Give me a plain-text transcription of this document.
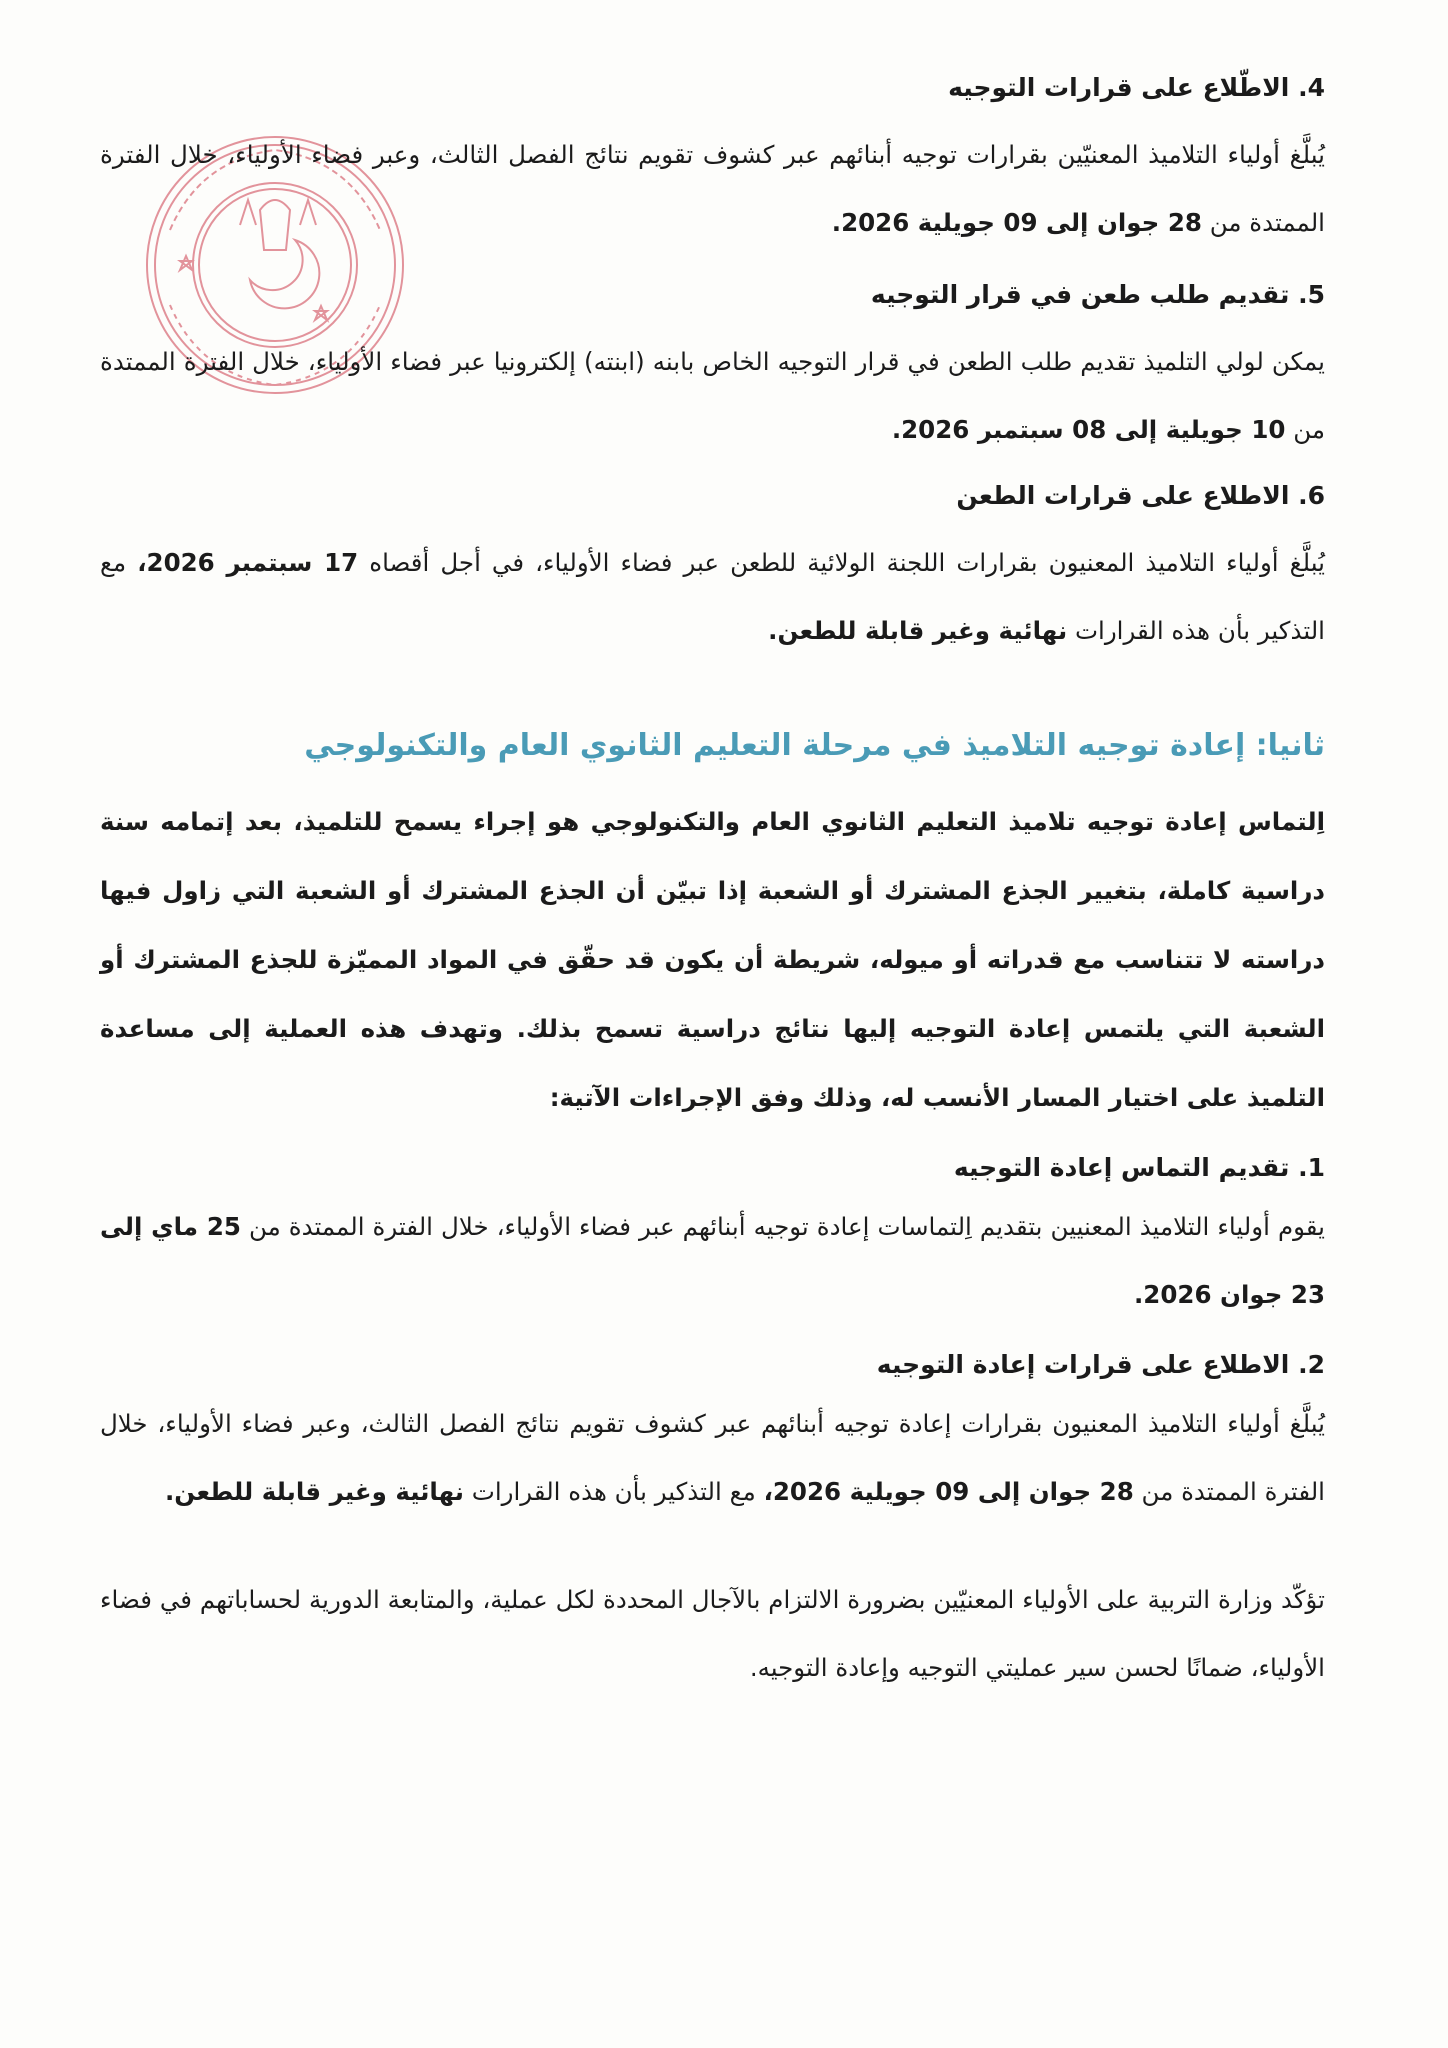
4. الاطّلاع على قرارات التوجيه

يُبلَّغ أولياء التلاميذ المعنيّين بقرارات توجيه أبنائهم عبر كشوف تقويم نتائج الفصل الثالث، وعبر فضاء الأولياء، خلال الفترة الممتدة من 28 جوان إلى 09 جويلية 2026.

5. تقديم طلب طعن في قرار التوجيه

يمكن لولي التلميذ تقديم طلب الطعن في قرار التوجيه الخاص بابنه (ابنته) إلكترونيا عبر فضاء الأولياء، خلال الفترة الممتدة من 10 جويلية إلى 08 سبتمبر 2026.

6. الاطلاع على قرارات الطعن

يُبلَّغ أولياء التلاميذ المعنيون بقرارات اللجنة الولائية للطعن عبر فضاء الأولياء، في أجل أقصاه 17 سبتمبر 2026، مع التذكير بأن هذه القرارات نهائية وغير قابلة للطعن.

ثانيا: إعادة توجيه التلاميذ في مرحلة التعليم الثانوي العام والتكنولوجي

اِلتماس إعادة توجيه تلاميذ التعليم الثانوي العام والتكنولوجي هو إجراء يسمح للتلميذ، بعد إتمامه سنة دراسية كاملة، بتغيير الجذع المشترك أو الشعبة إذا تبيّن أن الجذع المشترك أو الشعبة التي زاول فيها دراسته لا تتناسب مع قدراته أو ميوله، شريطة أن يكون قد حقّق في المواد المميّزة للجذع المشترك أو الشعبة التي يلتمس إعادة التوجيه إليها نتائج دراسية تسمح بذلك. وتهدف هذه العملية إلى مساعدة التلميذ على اختيار المسار الأنسب له، وذلك وفق الإجراءات الآتية:

1. تقديم التماس إعادة التوجيه

يقوم أولياء التلاميذ المعنيين بتقديم اِلتماسات إعادة توجيه أبنائهم عبر فضاء الأولياء، خلال الفترة الممتدة من 25 ماي إلى 23 جوان 2026.

2. الاطلاع على قرارات إعادة التوجيه

يُبلَّغ أولياء التلاميذ المعنيون بقرارات إعادة توجيه أبنائهم عبر كشوف تقويم نتائج الفصل الثالث، وعبر فضاء الأولياء، خلال الفترة الممتدة من 28 جوان إلى 09 جويلية 2026، مع التذكير بأن هذه القرارات نهائية وغير قابلة للطعن.

تؤكّد وزارة التربية على الأولياء المعنيّين بضرورة الالتزام بالآجال المحددة لكل عملية، والمتابعة الدورية لحساباتهم في فضاء الأولياء، ضمانًا لحسن سير عمليتي التوجيه وإعادة التوجيه.
